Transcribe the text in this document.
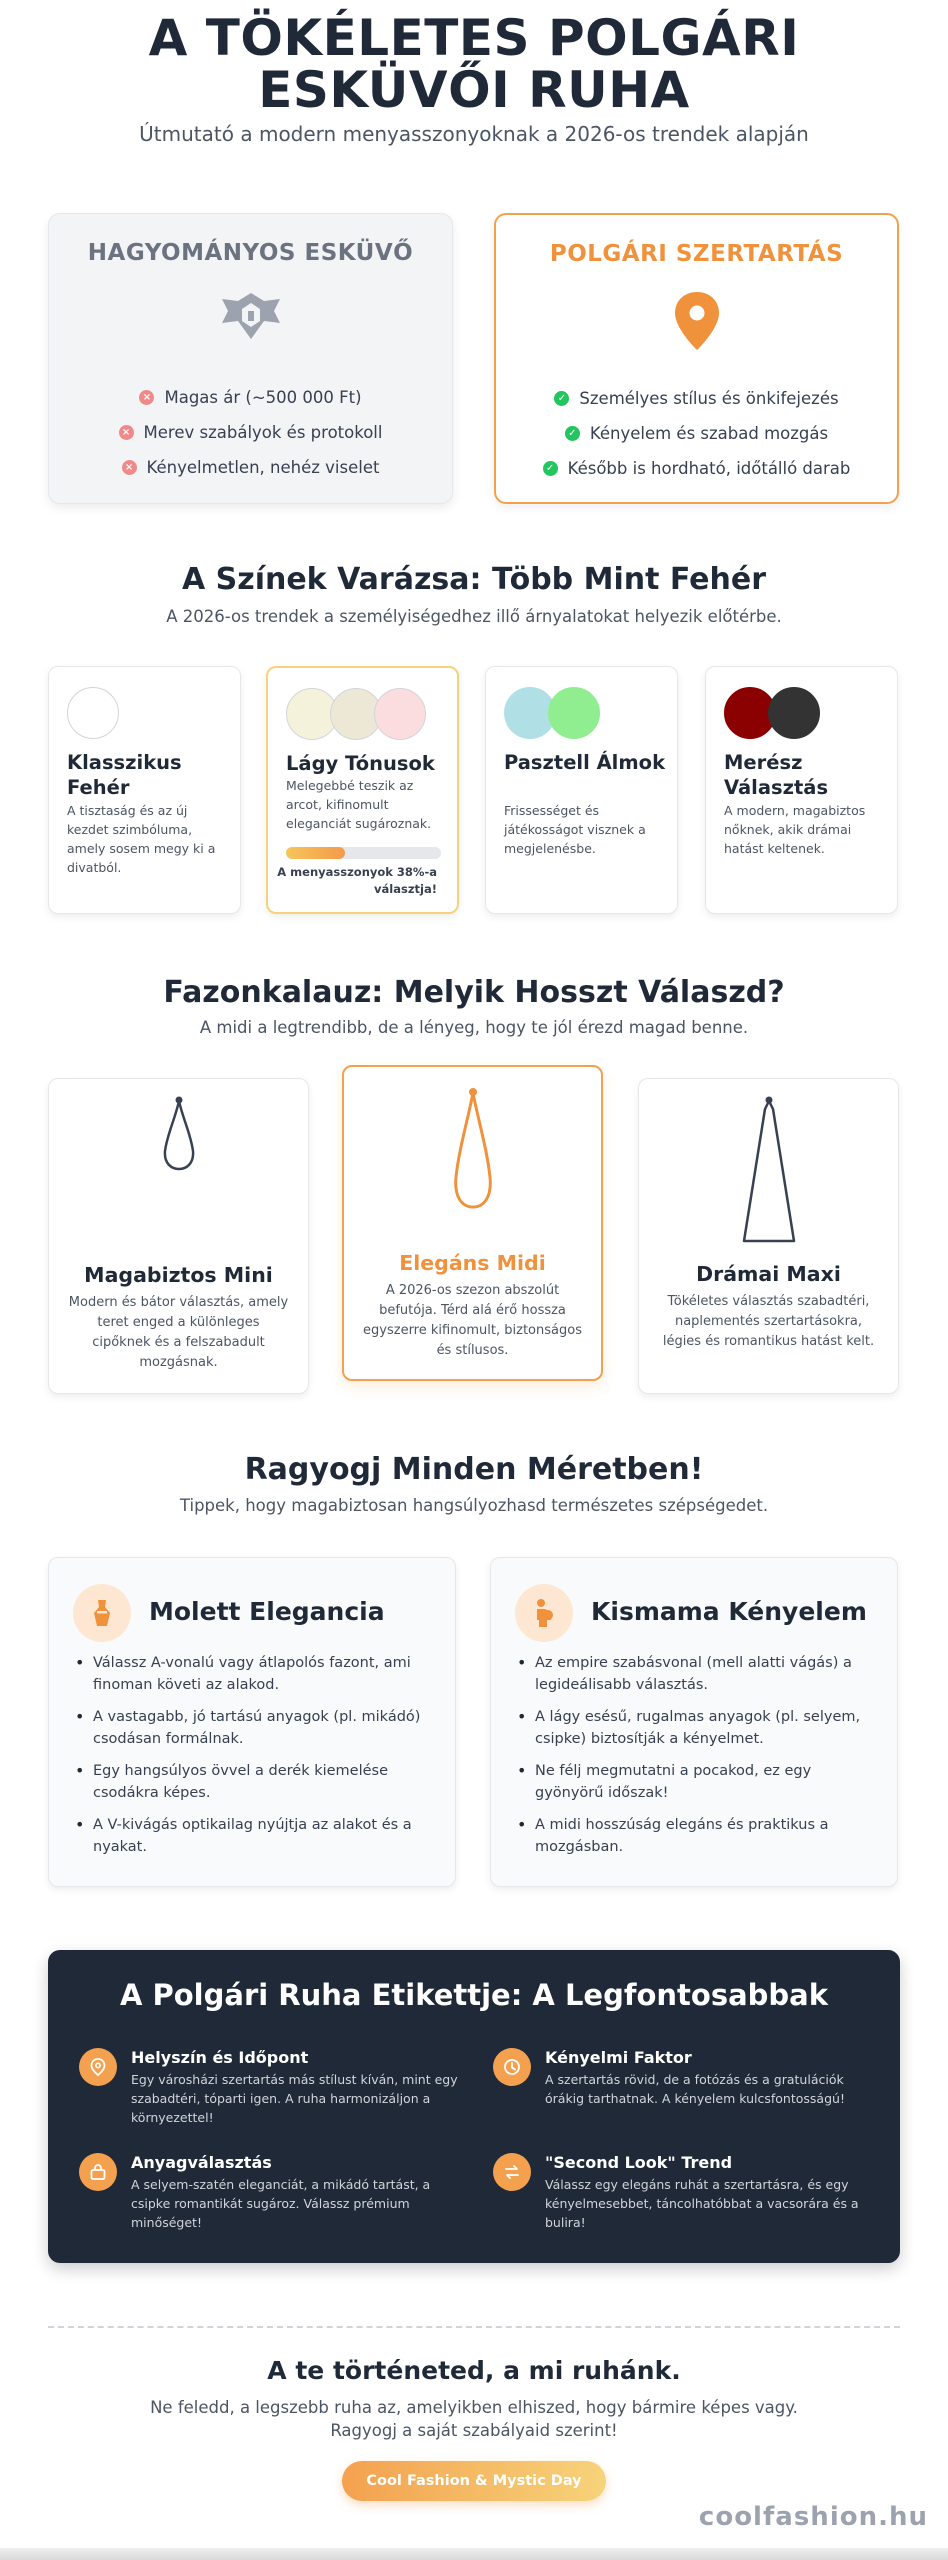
A TÖKÉLETES POLGÁRI ESKÜVŐI RUHA

Útmutató a modern menyasszonyoknak a 2026-os trendek alapján

HAGYOMÁNYOS ESKÜVŐ
× Magas ár (~500 000 Ft)
× Merev szabályok és protokoll
× Kényelmetlen, nehéz viselet
POLGÁRI SZERTARTÁS
✓ Személyes stílus és önkifejezés
✓ Kényelem és szabad mozgás
✓ Később is hordható, időtálló darab
A Színek Varázsa: Több Mint Fehér

A 2026-os trendek a személyiségedhez illő árnyalatokat helyezik előtérbe.

Klasszikus Fehér
A tisztaság és az új kezdet szimbóluma, amely sosem megy ki a divatból.
Lágy Tónusok
Melegebbé teszik az arcot, kifinomult eleganciát sugároznak.
A menyasszonyok 38%-a választja!
Pasztell Álmok
Frissességet és játékosságot visznek a megjelenésbe.
Merész Választás
A modern, magabiztos nőknek, akik drámai hatást keltenek.
Fazonkalauz: Melyik Hosszt Válaszd?

A midi a legtrendibb, de a lényeg, hogy te jól érezd magad benne.

Magabiztos Mini
Modern és bátor választás, amely teret enged a különleges cipőknek és a felszabadult mozgásnak.
Elegáns Midi
A 2026-os szezon abszolút befutója. Térd alá érő hossza egyszerre kifinomult, biztonságos és stílusos.
Drámai Maxi
Tökéletes választás szabadtéri, naplementés szertartásokra, légies és romantikus hatást kelt.
Ragyogj Minden Méretben!

Tippek, hogy magabiztosan hangsúlyozhasd természetes szépségedet.

Molett Elegancia
• Válassz A-vonalú vagy átlapolós fazont, ami finoman követi az alakod.
• A vastagabb, jó tartású anyagok (pl. mikádó) csodásan formálnak.
• Egy hangsúlyos övvel a derék kiemelése csodákra képes.
• A V-kivágás optikailag nyújtja az alakot és a nyakat.
Kismama Kényelem
• Az empire szabásvonal (mell alatti vágás) a legideálisabb választás.
• A lágy esésű, rugalmas anyagok (pl. selyem, csipke) biztosítják a kényelmet.
• Ne félj megmutatni a pocakod, ez egy gyönyörű időszak!
• A midi hosszúság elegáns és praktikus a mozgásban.
A Polgári Ruha Etikettje: A Legfontosabbak
Helyszín és Időpont
Egy városházi szertartás más stílust kíván, mint egy szabadtéri, tóparti igen. A ruha harmonizáljon a környezettel!
Kényelmi Faktor
A szertartás rövid, de a fotózás és a gratulációk órákig tarthatnak. A kényelem kulcsfontosságú!
Anyagválasztás
A selyem-szatén eleganciát, a mikádó tartást, a csipke romantikát sugároz. Válassz prémium minőséget!
"Second Look" Trend
Válassz egy elegáns ruhát a szertartásra, és egy kényelmesebbet, táncolhatóbbat a vacsorára és a bulira!
A te történeted, a mi ruhánk.

Ne feledd, a legszebb ruha az, amelyikben elhiszed, hogy bármire képes vagy. Ragyogj a saját szabályaid szerint!

Cool Fashion & Mystic Day
coolfashion.hu
